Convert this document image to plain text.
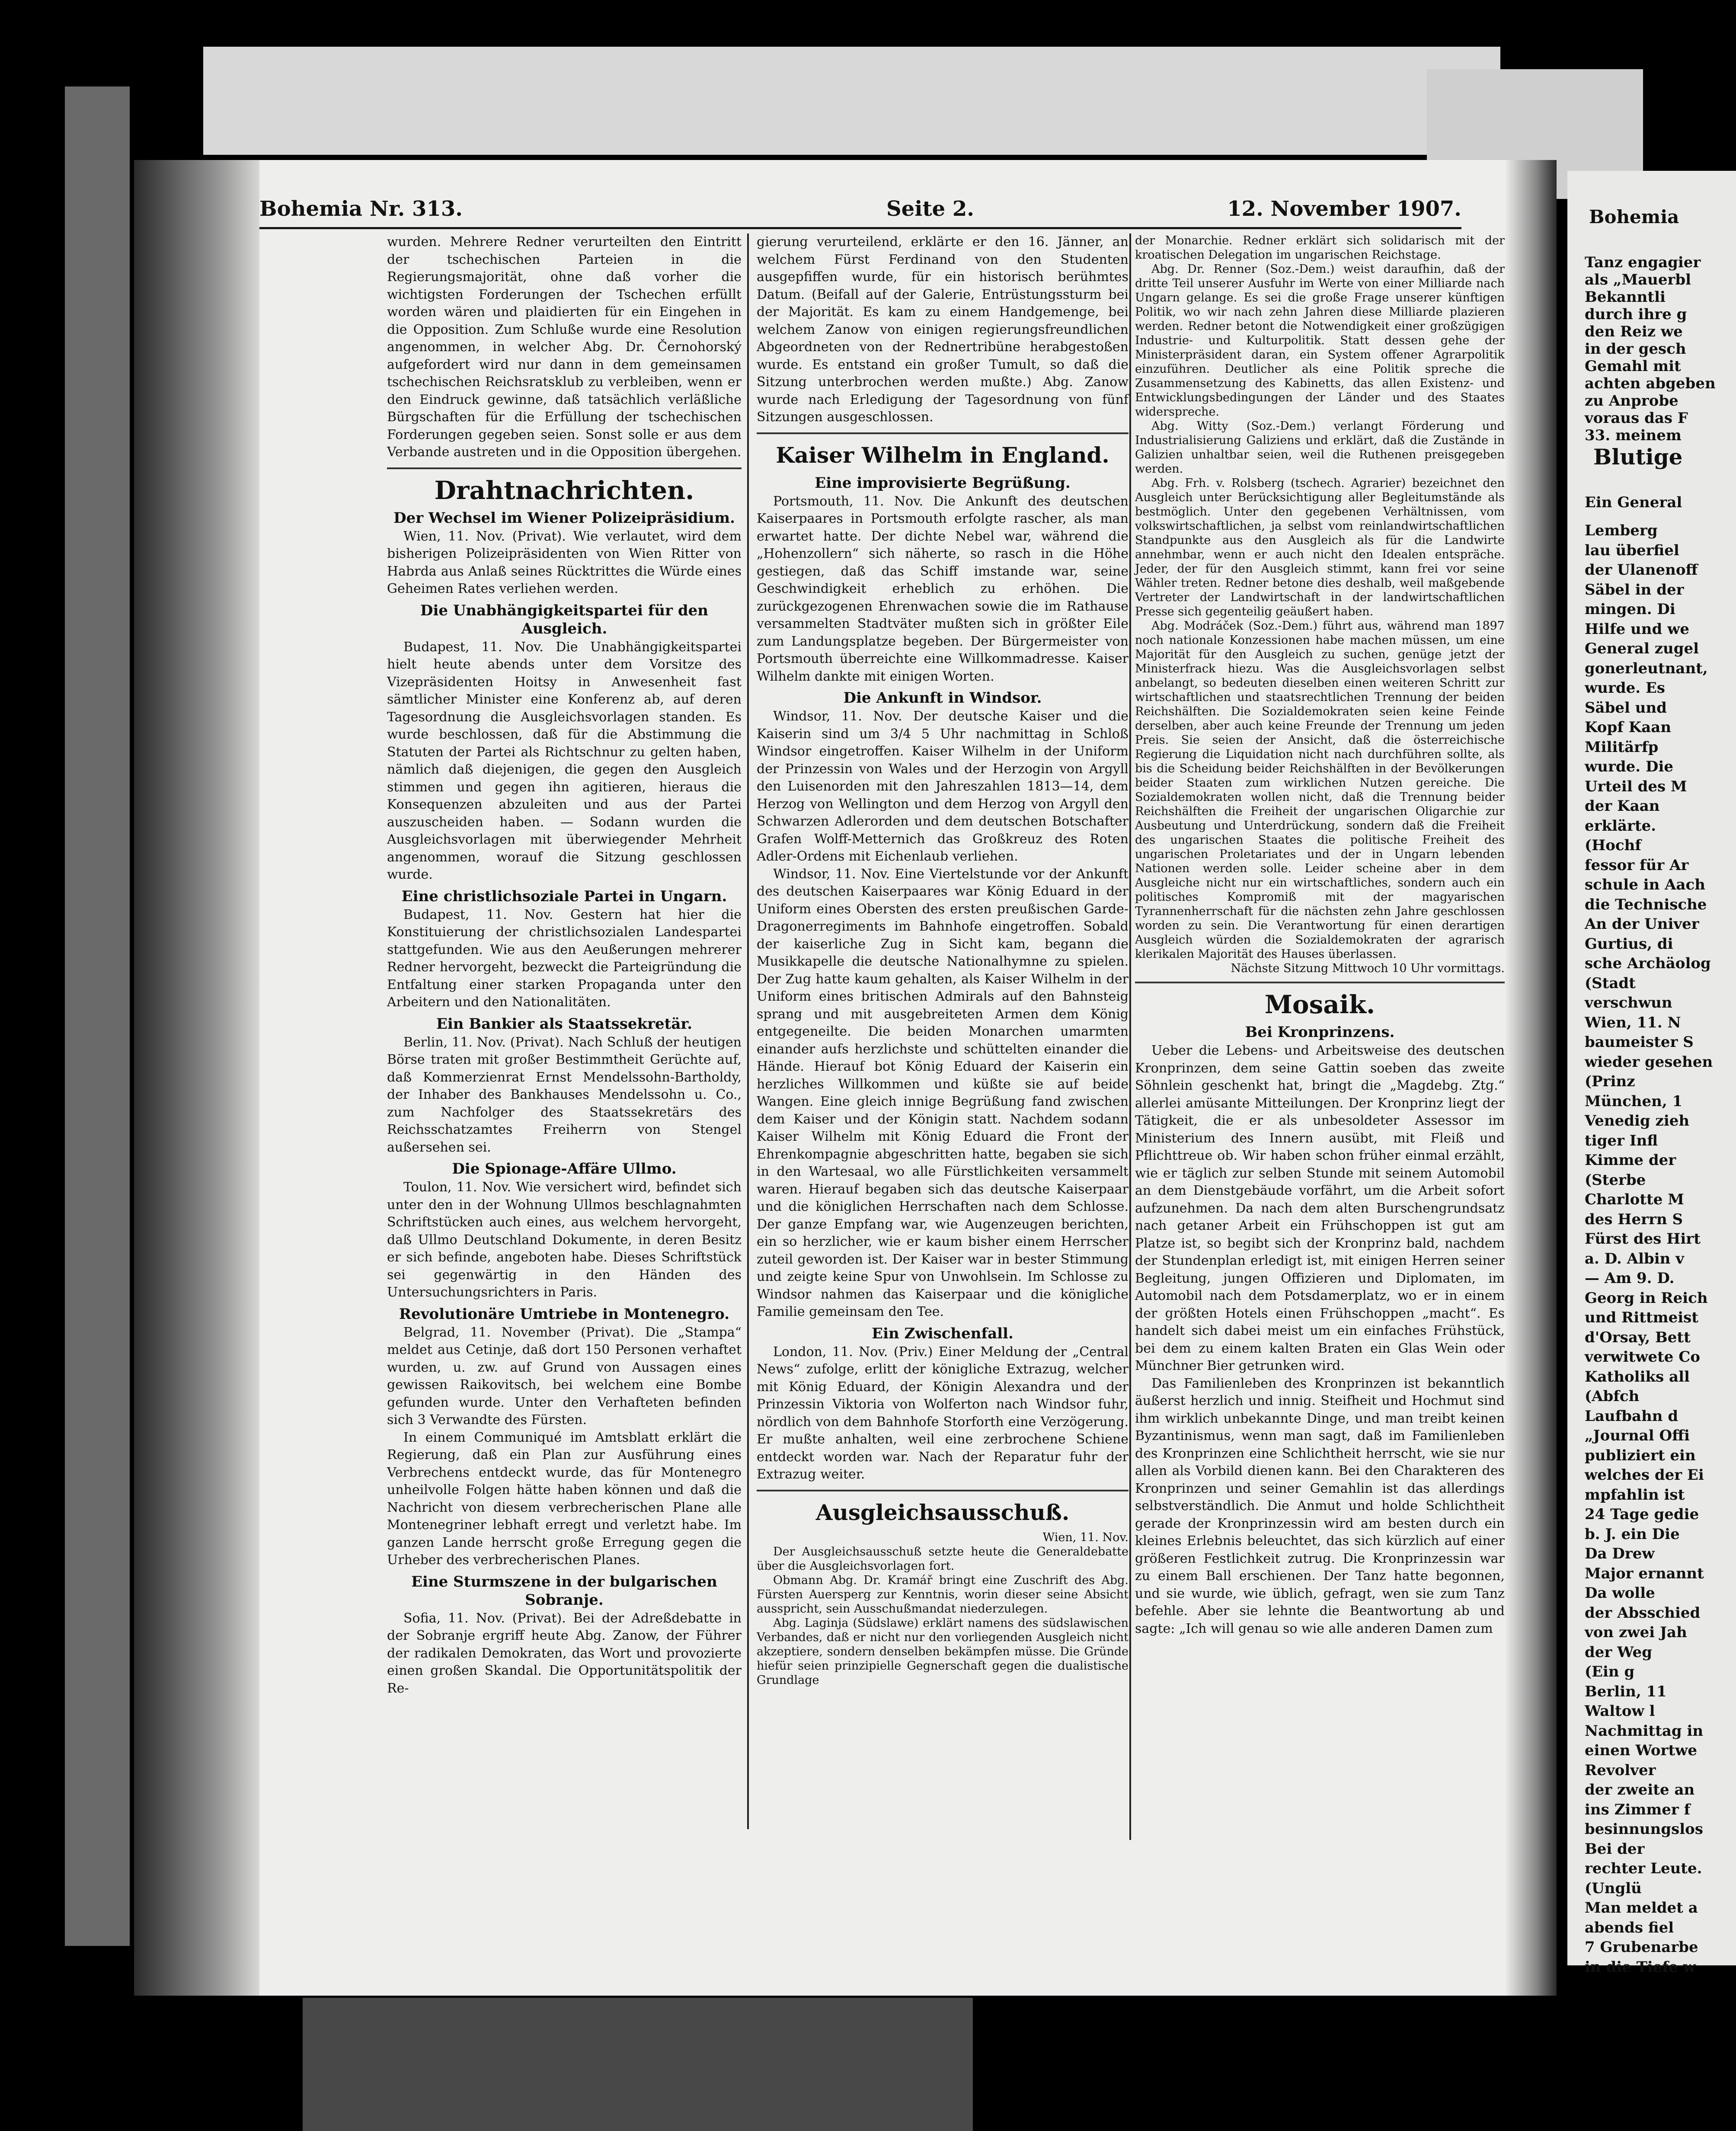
Bohemia Nr. 313.	Seite 2.	12. November 1907.

wurden. Mehrere Redner verurteilten den Eintritt der tschechischen Parteien in die Regierungsmajorität, ohne daß vorher die wichtigsten Forderungen der Tschechen erfüllt worden wären und plaidierten für ein Eingehen in die Opposition. Zum Schluße wurde eine Resolution angenommen, in welcher Abg. Dr. Černohorský aufgefordert wird nur dann in dem gemeinsamen tschechischen Reichsratsklub zu verbleiben, wenn er den Eindruck gewinne, daß tatsächlich verläßliche Bürgschaften für die Erfüllung der tschechischen Forderungen gegeben seien. Sonst solle er aus dem Verbande austreten und in die Opposition übergehen.

Drahtnachrichten.
Der Wechsel im Wiener Polizeipräsidium.

Wien, 11. Nov. (Privat). Wie verlautet, wird dem bisherigen Polizeipräsidenten von Wien Ritter von Habrda aus Anlaß seines Rücktrittes die Würde eines Geheimen Rates verliehen werden.

Die Unabhängigkeitspartei für den Ausgleich.

Budapest, 11. Nov. Die Unabhängigkeitspartei hielt heute abends unter dem Vorsitze des Vizepräsidenten Hoitsy in Anwesenheit fast sämtlicher Minister eine Konferenz ab, auf deren Tagesordnung die Ausgleichsvorlagen standen. Es wurde beschlossen, daß für die Abstimmung die Statuten der Partei als Richtschnur zu gelten haben, nämlich daß diejenigen, die gegen den Ausgleich stimmen und gegen ihn agitieren, hieraus die Konsequenzen abzuleiten und aus der Partei auszuscheiden haben. — Sodann wurden die Ausgleichsvorlagen mit überwiegender Mehrheit angenommen, worauf die Sitzung geschlossen wurde.

Eine christlichsoziale Partei in Ungarn.

Budapest, 11. Nov. Gestern hat hier die Konstituierung der christlichsozialen Landespartei stattgefunden. Wie aus den Aeußerungen mehrerer Redner hervorgeht, bezweckt die Parteigründung die Entfaltung einer starken Propaganda unter den Arbeitern und den Nationalitäten.

Ein Bankier als Staatssekretär.

Berlin, 11. Nov. (Privat). Nach Schluß der heutigen Börse traten mit großer Bestimmtheit Gerüchte auf, daß Kommerzienrat Ernst Mendelssohn-Bartholdy, der Inhaber des Bankhauses Mendelssohn u. Co., zum Nachfolger des Staatssekretärs des Reichsschatzamtes Freiherrn von Stengel außersehen sei.

Die Spionage-Affäre Ullmo.

Toulon, 11. Nov. Wie versichert wird, befindet sich unter den in der Wohnung Ullmos beschlagnahmten Schriftstücken auch eines, aus welchem hervorgeht, daß Ullmo Deutschland Dokumente, in deren Besitz er sich befinde, angeboten habe. Dieses Schriftstück sei gegenwärtig in den Händen des Untersuchungsrichters in Paris.

Revolutionäre Umtriebe in Montenegro.

Belgrad, 11. November (Privat). Die „Stampa“ meldet aus Cetinje, daß dort 150 Personen verhaftet wurden, u. zw. auf Grund von Aussagen eines gewissen Raikovitsch, bei welchem eine Bombe gefunden wurde. Unter den Verhafteten befinden sich 3 Verwandte des Fürsten.

In einem Communiqué im Amtsblatt erklärt die Regierung, daß ein Plan zur Ausführung eines Verbrechens entdeckt wurde, das für Montenegro unheilvolle Folgen hätte haben können und daß die Nachricht von diesem verbrecherischen Plane alle Montenegriner lebhaft erregt und verletzt habe. Im ganzen Lande herrscht große Erregung gegen die Urheber des verbrecherischen Planes.

Eine Sturmszene in der bulgarischen Sobranje.

Sofia, 11. Nov. (Privat). Bei der Adreßdebatte in der Sobranje ergriff heute Abg. Zanow, der Führer der radikalen Demokraten, das Wort und provozierte einen großen Skandal. Die Opportunitätspolitik der Re-

gierung verurteilend, erklärte er den 16. Jänner, an welchem Fürst Ferdinand von den Studenten ausgepfiffen wurde, für ein historisch berühmtes Datum. (Beifall auf der Galerie, Entrüstungssturm bei der Majorität. Es kam zu einem Handgemenge, bei welchem Zanow von einigen regierungsfreundlichen Abgeordneten von der Rednertribüne herabgestoßen wurde. Es entstand ein großer Tumult, so daß die Sitzung unterbrochen werden mußte.) Abg. Zanow wurde nach Erledigung der Tagesordnung von fünf Sitzungen ausgeschlossen.

Kaiser Wilhelm in England.
Eine improvisierte Begrüßung.

Portsmouth, 11. Nov. Die Ankunft des deutschen Kaiserpaares in Portsmouth erfolgte rascher, als man erwartet hatte. Der dichte Nebel war, während die „Hohenzollern“ sich näherte, so rasch in die Höhe gestiegen, daß das Schiff imstande war, seine Geschwindigkeit erheblich zu erhöhen. Die zurückgezogenen Ehrenwachen sowie die im Rathause versammelten Stadtväter mußten sich in größter Eile zum Landungsplatze begeben. Der Bürgermeister von Portsmouth überreichte eine Willkommadresse. Kaiser Wilhelm dankte mit einigen Worten.

Die Ankunft in Windsor.

Windsor, 11. Nov. Der deutsche Kaiser und die Kaiserin sind um 3/4 5 Uhr nachmittag in Schloß Windsor eingetroffen. Kaiser Wilhelm in der Uniform der Prinzessin von Wales und der Herzogin von Argyll den Luisenorden mit den Jahreszahlen 1813—14, dem Herzog von Wellington und dem Herzog von Argyll den Schwarzen Adlerorden und dem deutschen Botschafter Grafen Wolff-Metternich das Großkreuz des Roten Adler-Ordens mit Eichenlaub verliehen.

Windsor, 11. Nov. Eine Viertelstunde vor der Ankunft des deutschen Kaiserpaares war König Eduard in der Uniform eines Obersten des ersten preußischen Garde-Dragonerregiments im Bahnhofe eingetroffen. Sobald der kaiserliche Zug in Sicht kam, begann die Musikkapelle die deutsche Nationalhymne zu spielen. Der Zug hatte kaum gehalten, als Kaiser Wilhelm in der Uniform eines britischen Admirals auf den Bahnsteig sprang und mit ausgebreiteten Armen dem König entgegeneilte. Die beiden Monarchen umarmten einander aufs herzlichste und schüttelten einander die Hände. Hierauf bot König Eduard der Kaiserin ein herzliches Willkommen und küßte sie auf beide Wangen. Eine gleich innige Begrüßung fand zwischen dem Kaiser und der Königin statt. Nachdem sodann Kaiser Wilhelm mit König Eduard die Front der Ehrenkompagnie abgeschritten hatte, begaben sie sich in den Wartesaal, wo alle Fürstlichkeiten versammelt waren. Hierauf begaben sich das deutsche Kaiserpaar und die königlichen Herrschaften nach dem Schlosse. Der ganze Empfang war, wie Augenzeugen berichten, ein so herzlicher, wie er kaum bisher einem Herrscher zuteil geworden ist. Der Kaiser war in bester Stimmung und zeigte keine Spur von Unwohlsein. Im Schlosse zu Windsor nahmen das Kaiserpaar und die königliche Familie gemeinsam den Tee.

Ein Zwischenfall.

London, 11. Nov. (Priv.) Einer Meldung der „Central News“ zufolge, erlitt der königliche Extrazug, welcher mit König Eduard, der Königin Alexandra und der Prinzessin Viktoria von Wolferton nach Windsor fuhr, nördlich von dem Bahnhofe Storforth eine Verzögerung. Er mußte anhalten, weil eine zerbrochene Schiene entdeckt worden war. Nach der Reparatur fuhr der Extrazug weiter.

Ausgleichsausschuß.

Wien, 11. Nov.

Der Ausgleichsausschuß setzte heute die Generaldebatte über die Ausgleichsvorlagen fort.

Obmann Abg. Dr. Kramář bringt eine Zuschrift des Abg. Fürsten Auersperg zur Kenntnis, worin dieser seine Absicht ausspricht, sein Ausschußmandat niederzulegen.

Abg. Laginja (Südslawe) erklärt namens des südslawischen Verbandes, daß er nicht nur den vorliegenden Ausgleich nicht akzeptiere, sondern denselben bekämpfen müsse. Die Gründe hiefür seien prinzipielle Gegnerschaft gegen die dualistische Grundlage

der Monarchie. Redner erklärt sich solidarisch mit der kroatischen Delegation im ungarischen Reichstage.

Abg. Dr. Renner (Soz.-Dem.) weist daraufhin, daß der dritte Teil unserer Ausfuhr im Werte von einer Milliarde nach Ungarn gelange. Es sei die große Frage unserer künftigen Politik, wo wir nach zehn Jahren diese Milliarde plazieren werden. Redner betont die Notwendigkeit einer großzügigen Industrie- und Kulturpolitik. Statt dessen gehe der Ministerpräsident daran, ein System offener Agrarpolitik einzuführen. Deutlicher als eine Politik spreche die Zusammensetzung des Kabinetts, das allen Existenz- und Entwicklungsbedingungen der Länder und des Staates widerspreche.

Abg. Witty (Soz.-Dem.) verlangt Förderung und Industrialisierung Galiziens und erklärt, daß die Zustände in Galizien unhaltbar seien, weil die Ruthenen preisgegeben werden.

Abg. Frh. v. Rolsberg (tschech. Agrarier) bezeichnet den Ausgleich unter Berücksichtigung aller Begleitumstände als bestmöglich. Unter den gegebenen Verhältnissen, vom volkswirtschaftlichen, ja selbst vom reinlandwirtschaftlichen Standpunkte aus den Ausgleich als für die Landwirte annehmbar, wenn er auch nicht den Idealen entspräche. Jeder, der für den Ausgleich stimmt, kann frei vor seine Wähler treten. Redner betone dies deshalb, weil maßgebende Vertreter der Landwirtschaft in der landwirtschaftlichen Presse sich gegenteilig geäußert haben.

Abg. Modráček (Soz.-Dem.) führt aus, während man 1897 noch nationale Konzessionen habe machen müssen, um eine Majorität für den Ausgleich zu suchen, genüge jetzt der Ministerfrack hiezu. Was die Ausgleichsvorlagen selbst anbelangt, so bedeuten dieselben einen weiteren Schritt zur wirtschaftlichen und staatsrechtlichen Trennung der beiden Reichshälften. Die Sozialdemokraten seien keine Feinde derselben, aber auch keine Freunde der Trennung um jeden Preis. Sie seien der Ansicht, daß die österreichische Regierung die Liquidation nicht nach durchführen sollte, als bis die Scheidung beider Reichshälften in der Bevölkerungen beider Staaten zum wirklichen Nutzen gereiche. Die Sozialdemokraten wollen nicht, daß die Trennung beider Reichshälften die Freiheit der ungarischen Oligarchie zur Ausbeutung und Unterdrückung, sondern daß die Freiheit des ungarischen Staates die politische Freiheit des ungarischen Proletariates und der in Ungarn lebenden Nationen werden solle. Leider scheine aber in dem Ausgleiche nicht nur ein wirtschaftliches, sondern auch ein politisches Kompromiß mit der magyarischen Tyrannenherrschaft für die nächsten zehn Jahre geschlossen worden zu sein. Die Verantwortung für einen derartigen Ausgleich würden die Sozialdemokraten der agrarisch klerikalen Majorität des Hauses überlassen.

Nächste Sitzung Mittwoch 10 Uhr vormittags.

Mosaik.
Bei Kronprinzens.

Ueber die Lebens- und Arbeitsweise des deutschen Kronprinzen, dem seine Gattin soeben das zweite Söhnlein geschenkt hat, bringt die „Magdebg. Ztg.“ allerlei amüsante Mitteilungen. Der Kronprinz liegt der Tätigkeit, die er als unbesoldeter Assessor im Ministerium des Innern ausübt, mit Fleiß und Pflichttreue ob. Wir haben schon früher einmal erzählt, wie er täglich zur selben Stunde mit seinem Automobil an dem Dienstgebäude vorfährt, um die Arbeit sofort aufzunehmen. Da nach dem alten Burschengrundsatz nach getaner Arbeit ein Frühschoppen ist gut am Platze ist, so begibt sich der Kronprinz bald, nachdem der Stundenplan erledigt ist, mit einigen Herren seiner Begleitung, jungen Offizieren und Diplomaten, im Automobil nach dem Potsdamerplatz, wo er in einem der größten Hotels einen Frühschoppen „macht“. Es handelt sich dabei meist um ein einfaches Frühstück, bei dem zu einem kalten Braten ein Glas Wein oder Münchner Bier getrunken wird.

Das Familienleben des Kronprinzen ist bekanntlich äußerst herzlich und innig. Steifheit und Hochmut sind ihm wirklich unbekannte Dinge, und man treibt keinen Byzantinismus, wenn man sagt, daß im Familienleben des Kronprinzen eine Schlichtheit herrscht, wie sie nur allen als Vorbild dienen kann. Bei den Charakteren des Kronprinzen und seiner Gemahlin ist das allerdings selbstverständlich. Die Anmut und holde Schlichtheit gerade der Kronprinzessin wird am besten durch ein kleines Erlebnis beleuchtet, das sich kürzlich auf einer größeren Festlichkeit zutrug. Die Kronprinzessin war zu einem Ball erschienen. Der Tanz hatte begonnen, und sie wurde, wie üblich, gefragt, wen sie zum Tanz befehle. Aber sie lehnte die Beantwortung ab und sagte: „Ich will genau so wie alle anderen Damen zum

Bohemia
Tanz engagier
als „Mauerbl
Bekanntli
durch ihre g
den Reiz we
in der gesch
Gemahl mit
achten abgeben
zu Anprobe
voraus das F
33. meinem
Blutige
Ein General
Lemberg
lau überfiel
der Ulanenoff
Säbel in der
mingen. Di
Hilfe und we
General zugel
gonerleutnant,
wurde. Es
Säbel und
Kopf Kaan
Militärfp
wurde. Die
Urteil des M
der Kaan
erklärte.
(Hochf
fessor für Ar
schule in Aach
die Technische
An der Univer
Gurtius, di
sche Archäolog
(Stadt
verschwun
Wien, 11. N
baumeister S
wieder gesehen
(Prinz
München, 1
Venedig zieh
tiger Infl
Kimme der
(Sterbe
Charlotte M
des Herrn S
Fürst des Hirt
a. D. Albin v
— Am 9. D.
Georg in Reich
und Rittmeist
d'Orsay, Bett
verwitwete Co
Katholiks all
(Abfch
Laufbahn d
„Journal Offi
publiziert ein
welches der Ei
mpfahlin ist
24 Tage gedie
b. J. ein Die
Da Drew
Major ernannt
Da wolle
der Absschied
von zwei Jah
der Weg
(Ein g
Berlin, 11
Waltow l
Nachmittag in
einen Wortwe
Revolver
der zweite an
ins Zimmer f
besinnungslos
Bei der
rechter Leute.
(Unglü
Man meldet a
abends fiel
7 Grubenarbe
in die Tiefe w
